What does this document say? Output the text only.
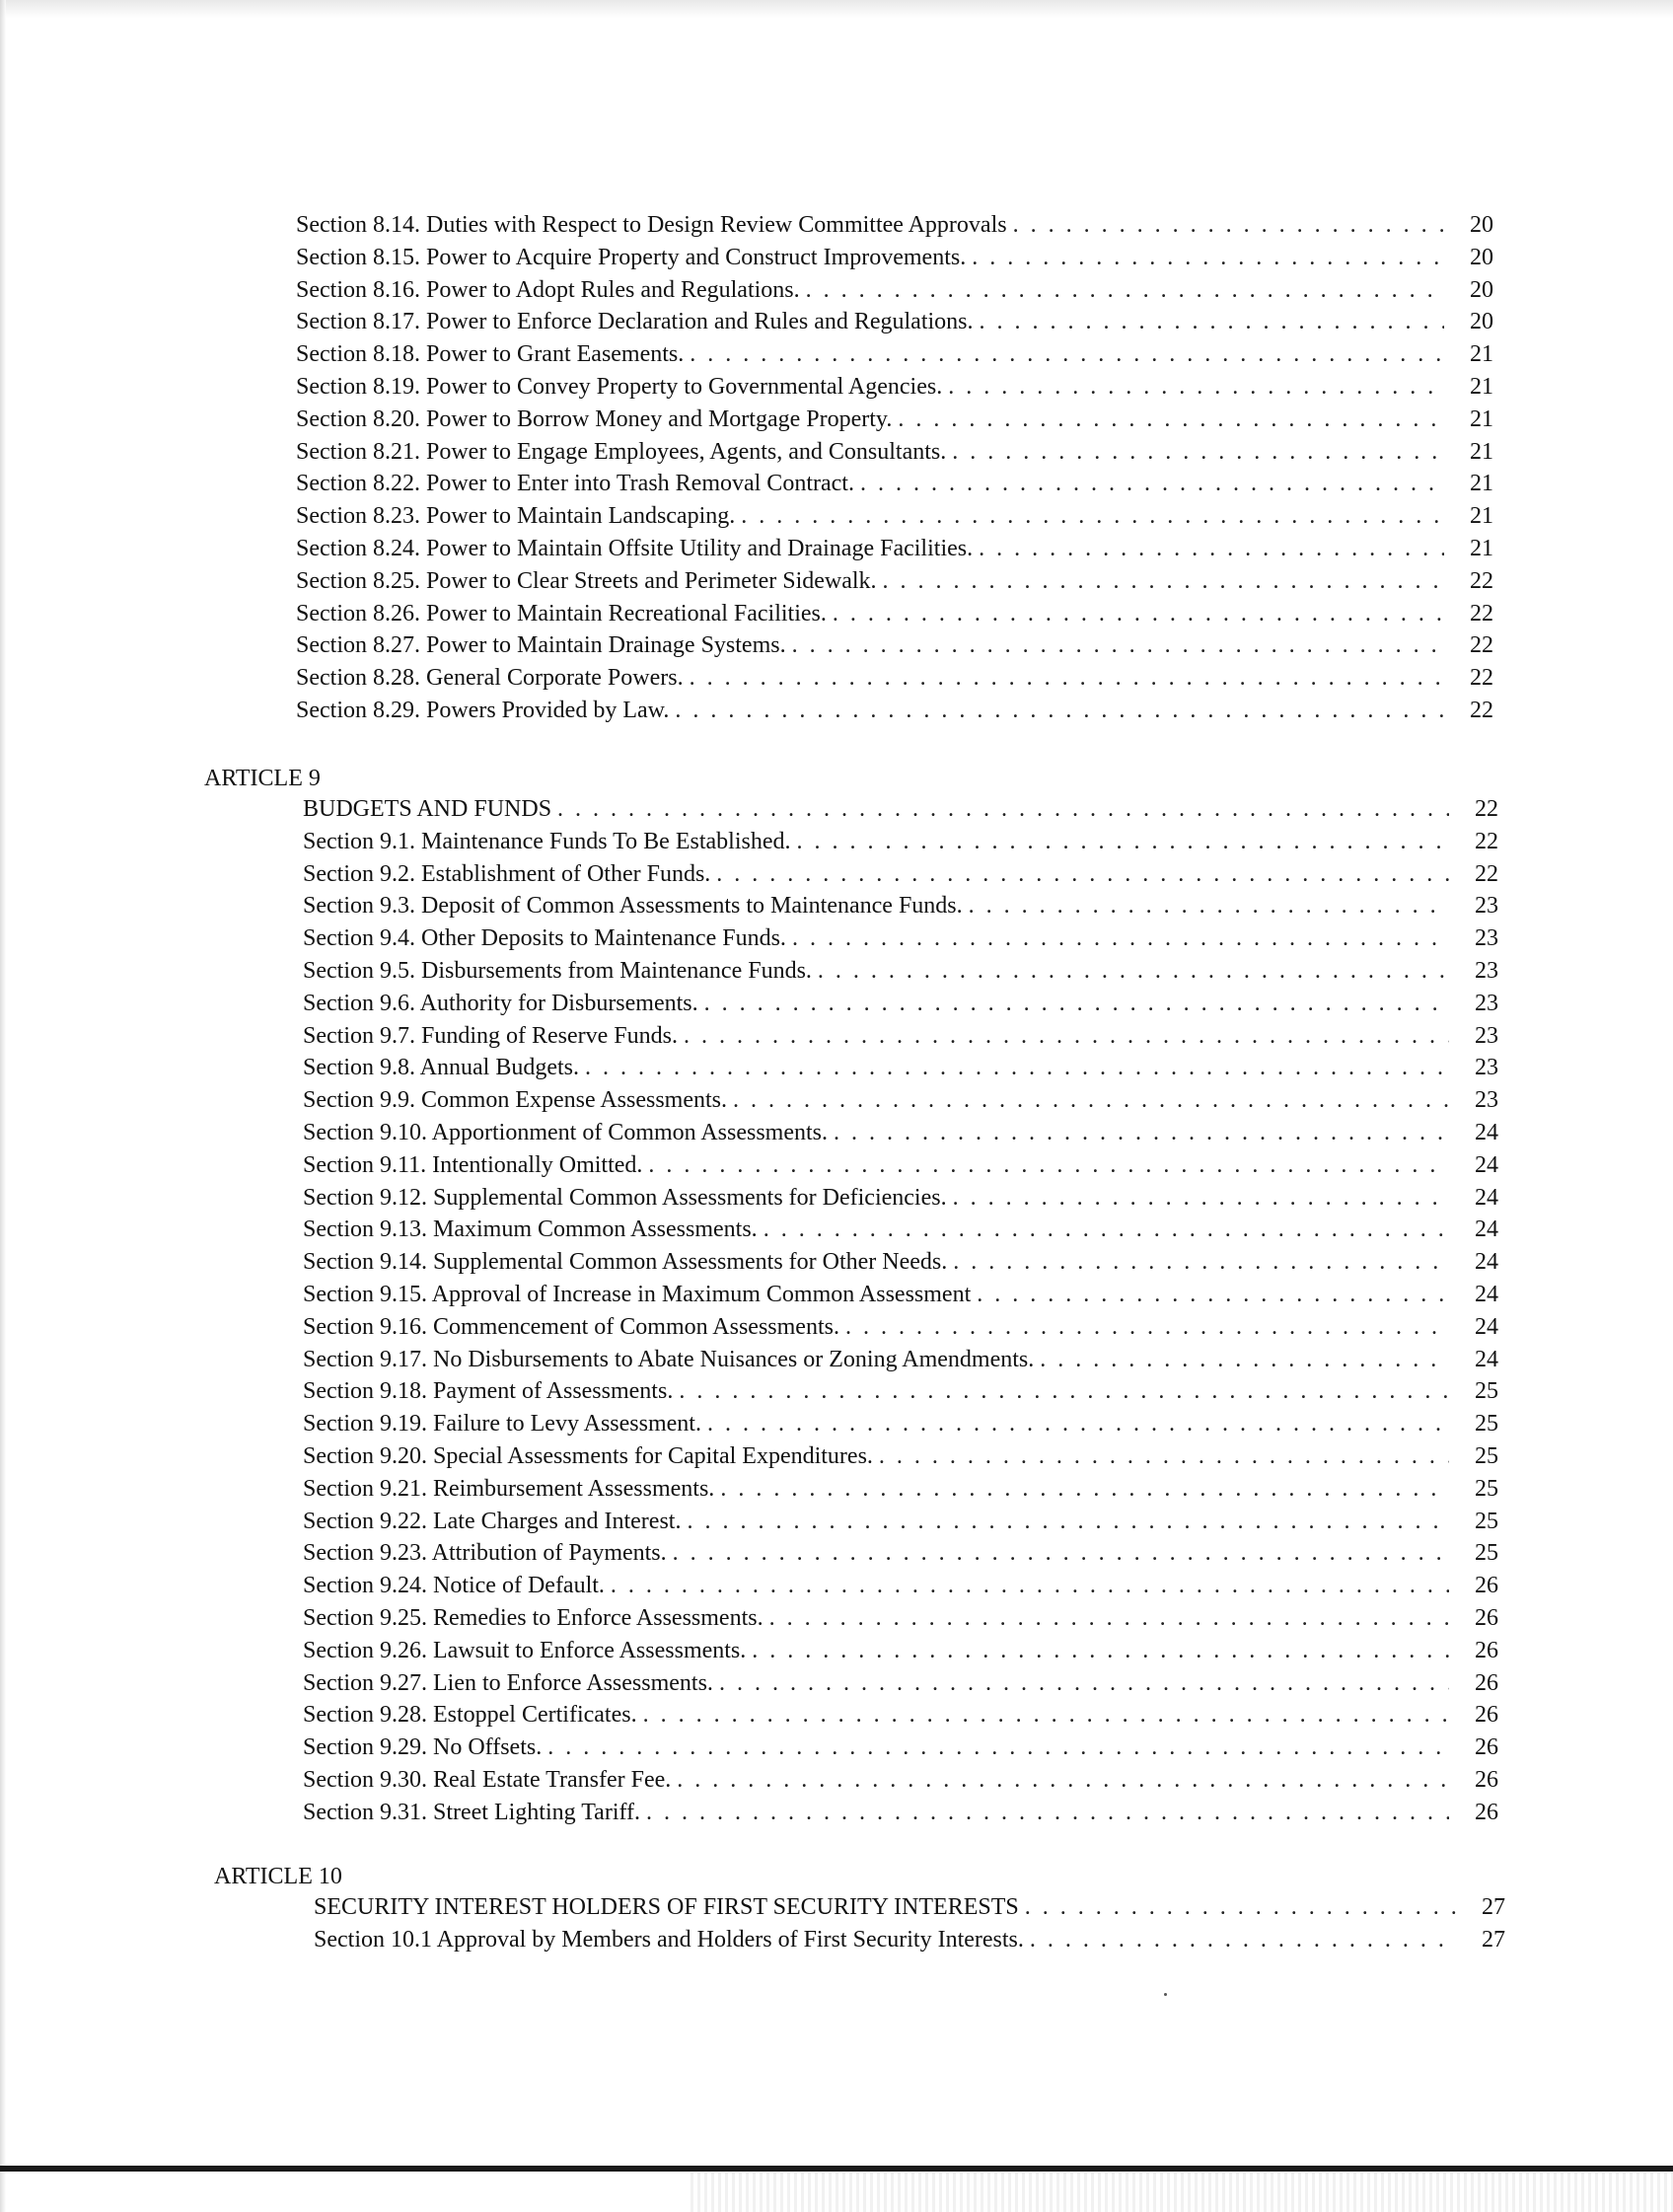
Section 8.14. Duties with Respect to Design Review Committee Approvals . . .	20
Section 8.15. Power to Acquire Property and Construct Improvements. . . .	20
Section 8.16. Power to Adopt Rules and Regulations. . . .	20
Section 8.17. Power to Enforce Declaration and Rules and Regulations. . . .	20
Section 8.18. Power to Grant Easements. . . .	21
Section 8.19. Power to Convey Property to Governmental Agencies. . . .	21
Section 8.20. Power to Borrow Money and Mortgage Property. . . .	21
Section 8.21. Power to Engage Employees, Agents, and Consultants. . . .	21
Section 8.22. Power to Enter into Trash Removal Contract. . . .	21
Section 8.23. Power to Maintain Landscaping. . . .	21
Section 8.24. Power to Maintain Offsite Utility and Drainage Facilities. . . .	21
Section 8.25. Power to Clear Streets and Perimeter Sidewalk. . . .	22
Section 8.26. Power to Maintain Recreational Facilities. . . .	22
Section 8.27. Power to Maintain Drainage Systems. . . .	22
Section 8.28. General Corporate Powers. . . .	22
Section 8.29. Powers Provided by Law. . . .	22
ARTICLE 9
BUDGETS AND FUNDS . . .	22
Section 9.1. Maintenance Funds To Be Established. . . .	22
Section 9.2. Establishment of Other Funds. . . .	22
Section 9.3. Deposit of Common Assessments to Maintenance Funds. . . .	23
Section 9.4. Other Deposits to Maintenance Funds. . . .	23
Section 9.5. Disbursements from Maintenance Funds. . . .	23
Section 9.6. Authority for Disbursements. . . .	23
Section 9.7. Funding of Reserve Funds. . . .	23
Section 9.8. Annual Budgets. . . .	23
Section 9.9. Common Expense Assessments. . . .	23
Section 9.10. Apportionment of Common Assessments. . . .	24
Section 9.11. Intentionally Omitted. . . .	24
Section 9.12. Supplemental Common Assessments for Deficiencies. . . .	24
Section 9.13. Maximum Common Assessments. . . .	24
Section 9.14. Supplemental Common Assessments for Other Needs. . . .	24
Section 9.15. Approval of Increase in Maximum Common Assessment . . .	24
Section 9.16. Commencement of Common Assessments. . . .	24
Section 9.17. No Disbursements to Abate Nuisances or Zoning Amendments. . . .	24
Section 9.18. Payment of Assessments. . . .	25
Section 9.19. Failure to Levy Assessment. . . .	25
Section 9.20. Special Assessments for Capital Expenditures. . . .	25
Section 9.21. Reimbursement Assessments. . . .	25
Section 9.22. Late Charges and Interest. . . .	25
Section 9.23. Attribution of Payments. . . .	25
Section 9.24. Notice of Default. . . .	26
Section 9.25. Remedies to Enforce Assessments. . . .	26
Section 9.26. Lawsuit to Enforce Assessments. . . .	26
Section 9.27. Lien to Enforce Assessments. . . .	26
Section 9.28. Estoppel Certificates. . . .	26
Section 9.29. No Offsets. . . .	26
Section 9.30. Real Estate Transfer Fee. . . .	26
Section 9.31. Street Lighting Tariff. . . .	26
ARTICLE 10
SECURITY INTEREST HOLDERS OF FIRST SECURITY INTERESTS . . .	27
Section 10.1 Approval by Members and Holders of First Security Interests. . . .	27
